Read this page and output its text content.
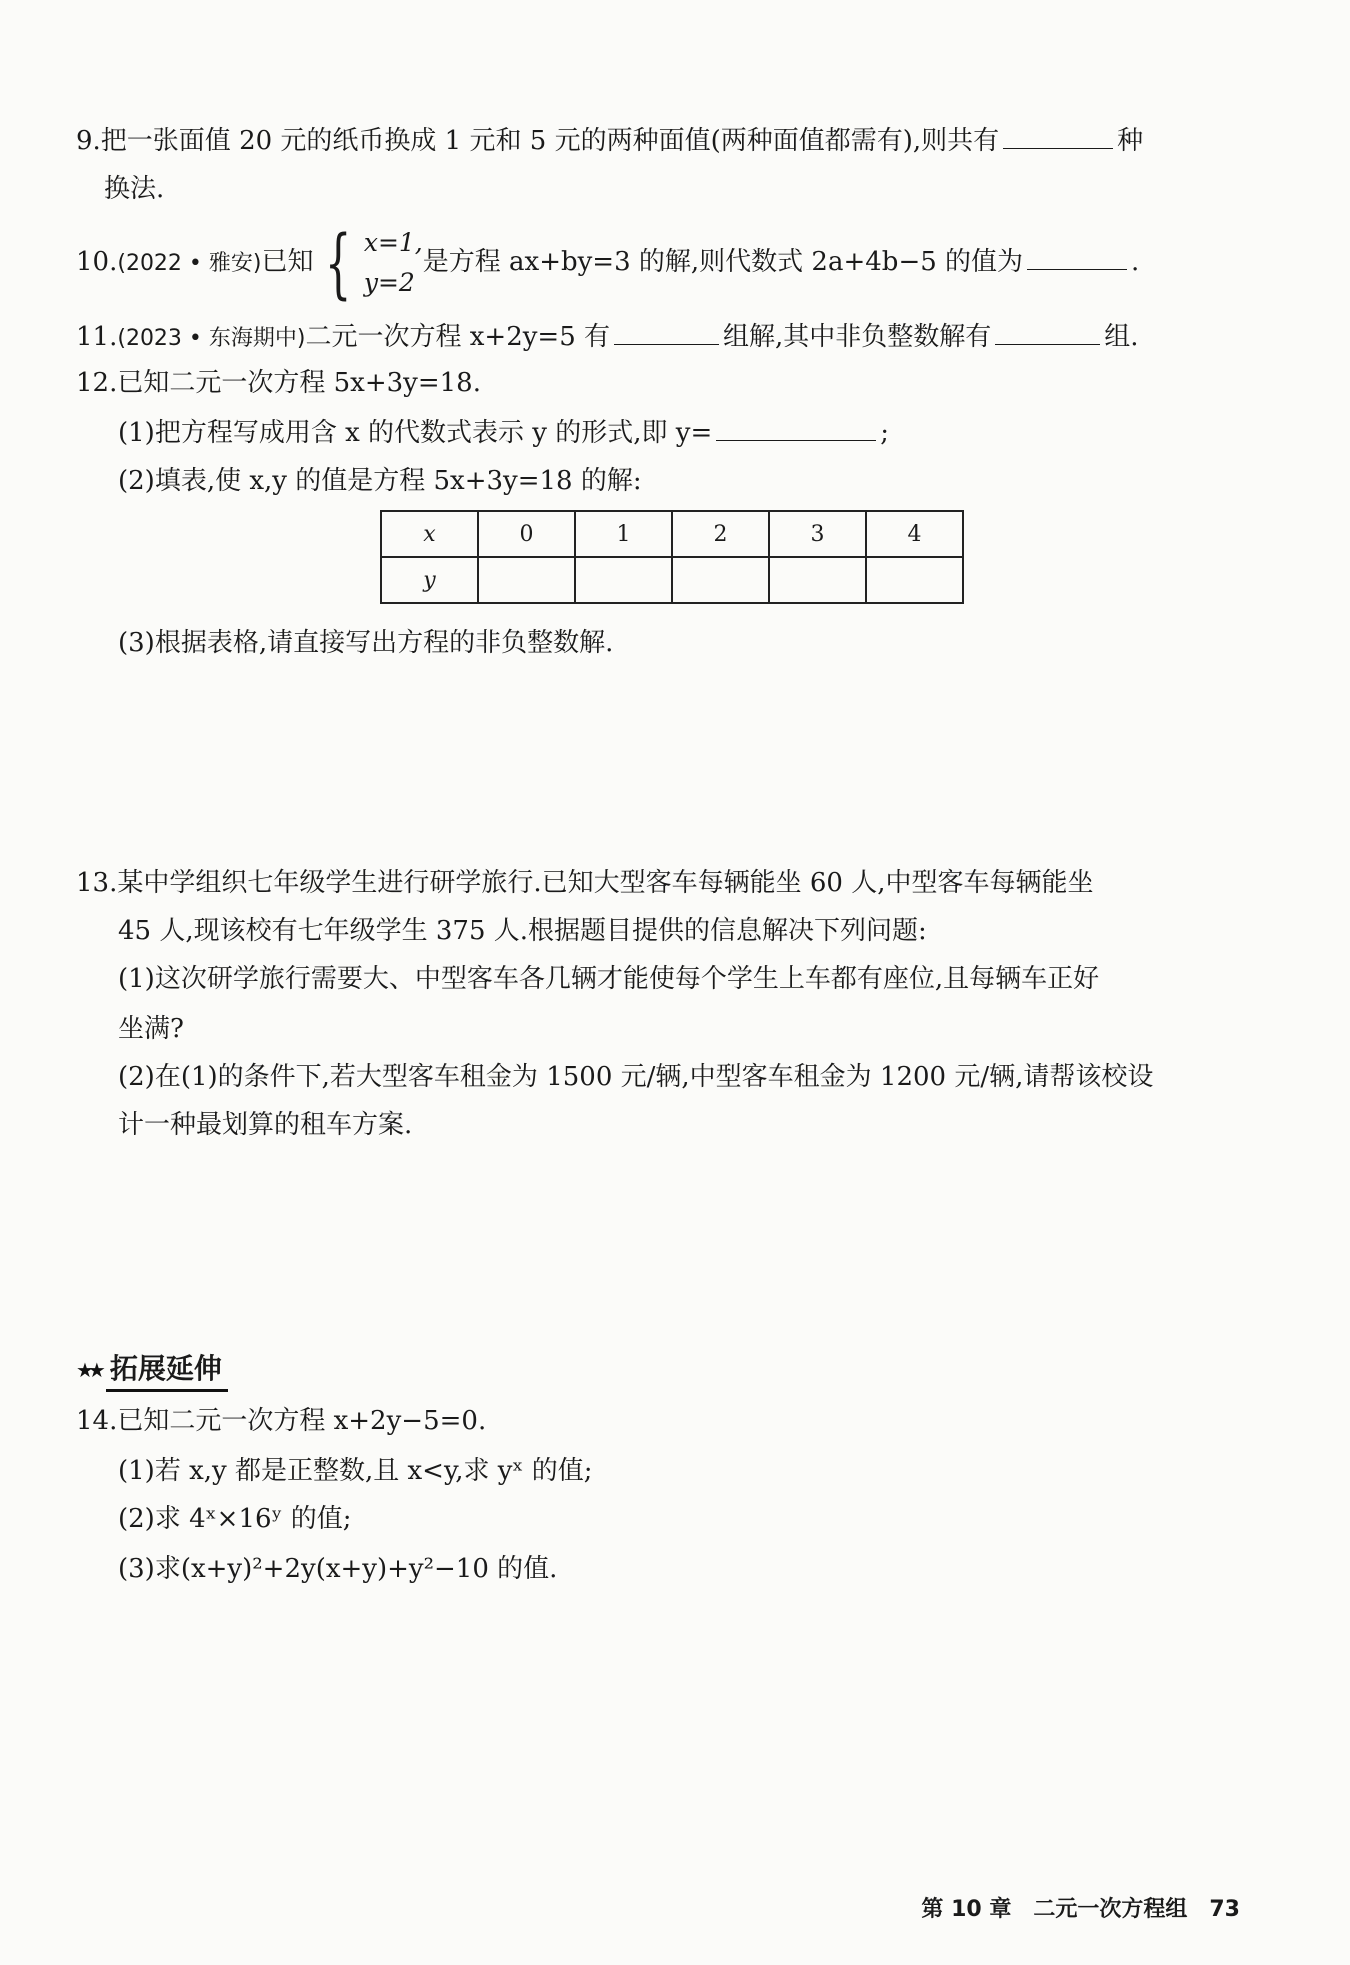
9.把一张面值 20 元的纸币换成 1 元和 5 元的两种面值(两种面值都需有),则共有	种
换法.
10.(2022 • 雅安)已知 { x=1,
y=2
是方程 ax+by=3 的解,则代数式 2a+4b−5 的值为	.
11.(2023 • 东海期中)二元一次方程 x+2y=5 有	组解,其中非负整数解有	组.
12.已知二元一次方程 5x+3y=18.
(1)把方程写成用含 x 的代数式表示 y 的形式,即 y=	;
(2)填表,使 x,y 的值是方程 5x+3y=18 的解:
x	0	1	2	3	4
y					
(3)根据表格,请直接写出方程的非负整数解.
13.某中学组织七年级学生进行研学旅行.已知大型客车每辆能坐 60 人,中型客车每辆能坐
45 人,现该校有七年级学生 375 人.根据题目提供的信息解决下列问题:
(1)这次研学旅行需要大、中型客车各几辆才能使每个学生上车都有座位,且每辆车正好
坐满?
(2)在(1)的条件下,若大型客车租金为 1500 元/辆,中型客车租金为 1200 元/辆,请帮该校设
计一种最划算的租车方案.
★★ 拓展延伸
14.已知二元一次方程 x+2y−5=0.
(1)若 x,y 都是正整数,且 x<y,求 yˣ 的值;
(2)求 4ˣ×16ʸ 的值;
(3)求(x+y)²+2y(x+y)+y²−10 的值.
第 10 章 二元一次方程组 73
